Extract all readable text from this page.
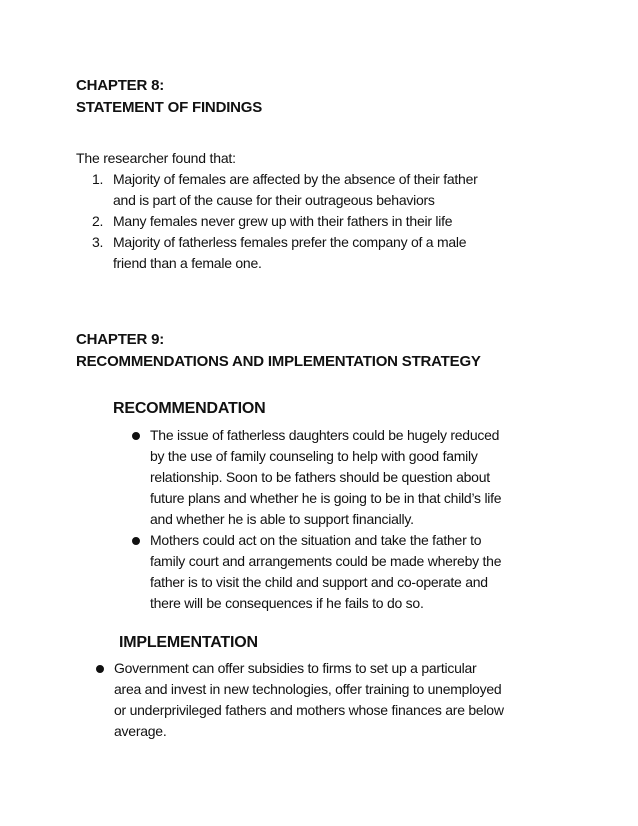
CHAPTER 8:
STATEMENT OF FINDINGS
The researcher found that:
1. Majority of females are affected by the absence of their father
and is part of the cause for their outrageous behaviors
2. Many females never grew up with their fathers in their life
3. Majority of fatherless females prefer the company of a male
friend than a female one.
CHAPTER 9:
RECOMMENDATIONS AND IMPLEMENTATION STRATEGY
RECOMMENDATION
The issue of fatherless daughters could be hugely reduced
by the use of family counseling to help with good family
relationship. Soon to be fathers should be question about
future plans and whether he is going to be in that child’s life
and whether he is able to support financially.
Mothers could act on the situation and take the father to
family court and arrangements could be made whereby the
father is to visit the child and support and co-operate and
there will be consequences if he fails to do so.
IMPLEMENTATION
Government can offer subsidies to firms to set up a particular
area and invest in new technologies, offer training to unemployed
or underprivileged fathers and mothers whose finances are below
average.
